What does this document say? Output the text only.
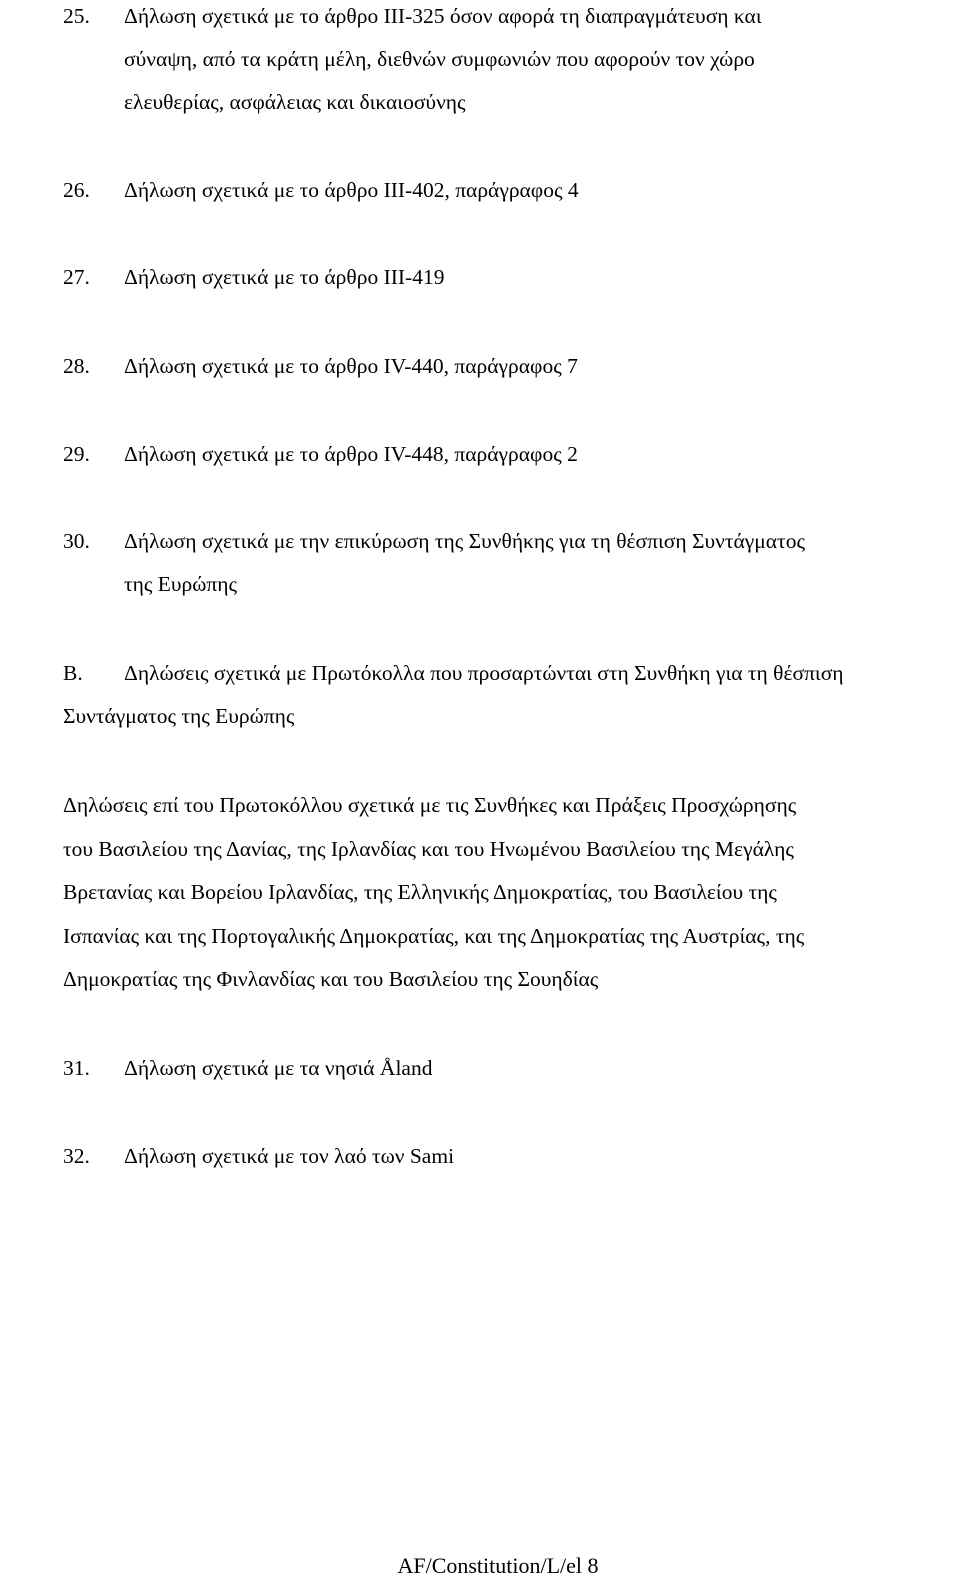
25. Δήλωση σχετικά με το άρθρο III-325 όσον αφορά τη διαπραγμάτευση και
σύναψη, από τα κράτη μέλη, διεθνών συμφωνιών που αφορούν τον χώρο
ελευθερίας, ασφάλειας και δικαιοσύνης
26. Δήλωση σχετικά με το άρθρο III-402, παράγραφος 4
27. Δήλωση σχετικά με το άρθρο III-419
28. Δήλωση σχετικά με το άρθρο IV-440, παράγραφος 7
29. Δήλωση σχετικά με το άρθρο IV-448, παράγραφος 2
30. Δήλωση σχετικά με την επικύρωση της Συνθήκης για τη θέσπιση Συντάγματος
της Ευρώπης
B. Δηλώσεις σχετικά με Πρωτόκολλα που προσαρτώνται στη Συνθήκη για τη θέσπιση
Συντάγματος της Ευρώπης
Δηλώσεις επί του Πρωτοκόλλου σχετικά με τις Συνθήκες και Πράξεις Προσχώρησης
του Βασιλείου της Δανίας, της Ιρλανδίας και του Ηνωμένου Βασιλείου της Μεγάλης
Βρετανίας και Βορείου Ιρλανδίας, της Ελληνικής Δημοκρατίας, του Βασιλείου της
Ισπανίας και της Πορτογαλικής Δημοκρατίας, και της Δημοκρατίας της Αυστρίας, της
Δημοκρατίας της Φινλανδίας και του Βασιλείου της Σουηδίας
31. Δήλωση σχετικά με τα νησιά Åland
32. Δήλωση σχετικά με τον λαό των Sami
AF/Constitution/L/el 8
